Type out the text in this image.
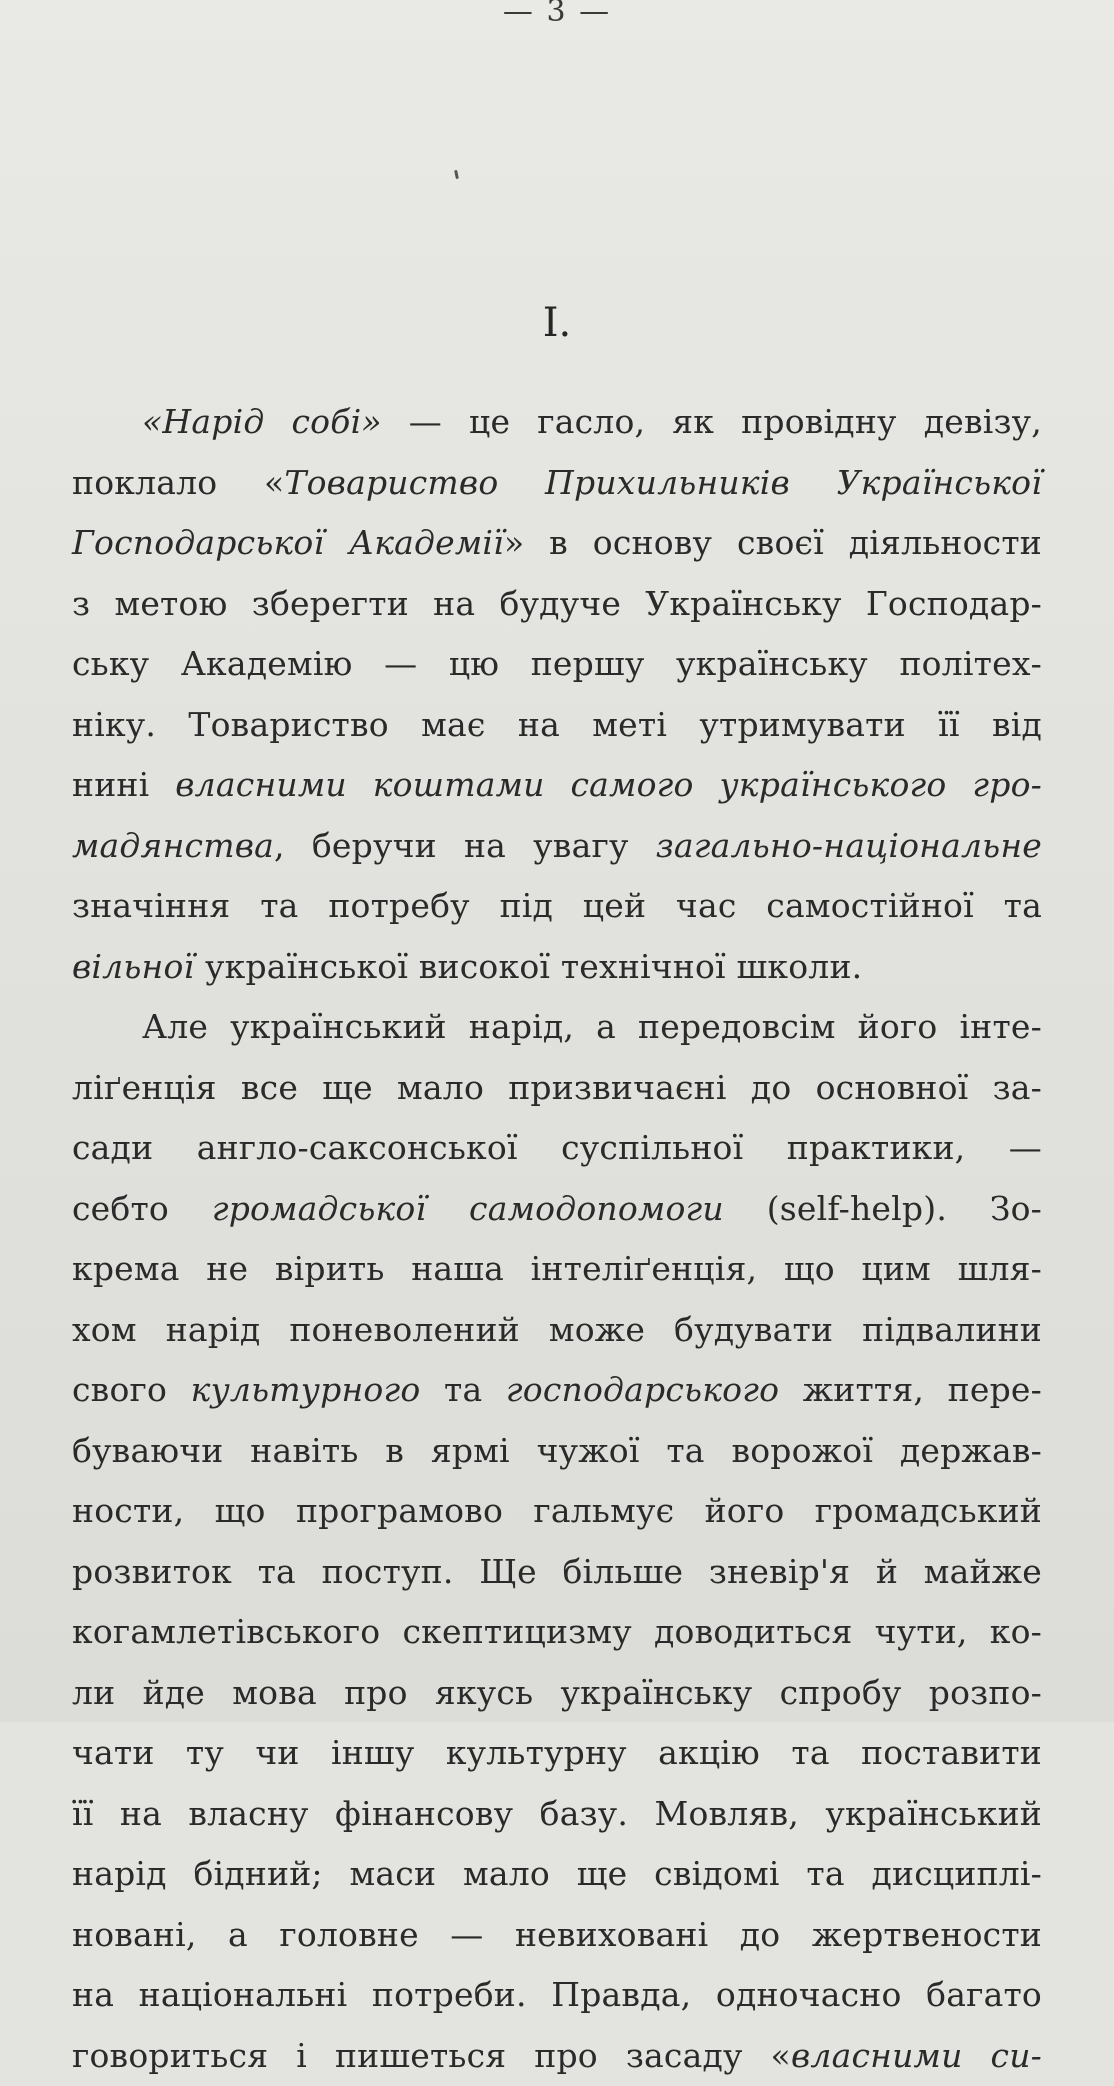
— 3 —
I.
«Нарід собі» — це гасло, як провідну девізу,
поклало «Товариство Прихильників Української
Господарської Академії» в основу своєї діяльности
з метою зберегти на будуче Українську Господар-
ську Академію — цю першу українську політех-
ніку. Товариство має на меті утримувати її від
нині власними коштами самого українського гро-
мадянства, беручи на увагу загально-національне
значіння та потребу під цей час самостійної та
вільної української високої технічної школи.
Але український нарід, а передовсім його інте-
ліґенція все ще мало призвичаєні до основної за-
сади англо-саксонської суспільної практики, —
себто громадської самодопомоги (self-help). Зо-
крема не вірить наша інтеліґенція, що цим шля-
хом нарід поневолений може будувати підвалини
свого культурного та господарського життя, пере-
буваючи навіть в ярмі чужої та ворожої держав-
ности, що програмово гальмує його громадський
розвиток та поступ. Ще більше зневір'я й майже
когамлетівського скептицизму доводиться чути, ко-
ли йде мова про якусь українську спробу розпо-
чати ту чи іншу культурну акцію та поставити
її на власну фінансову базу. Мовляв, український
нарід бідний; маси мало ще свідомі та дисциплі-
новані, а головне — невиховані до жертвености
на національні потреби. Правда, одночасно багато
говориться і пишеться про засаду «власними си-
